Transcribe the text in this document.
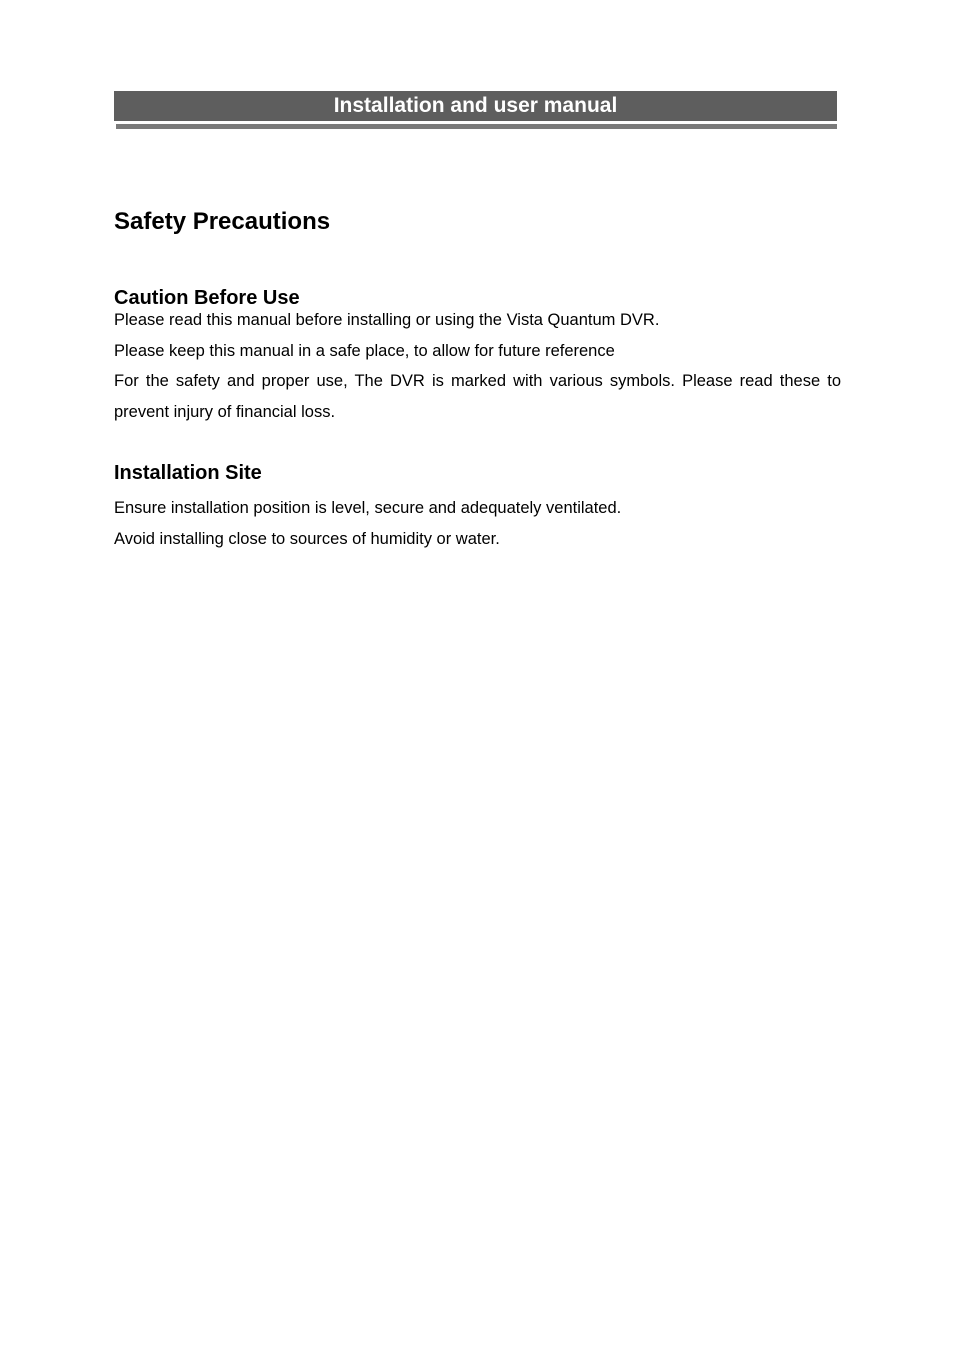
Installation and user manual
Safety Precautions
Caution Before Use

Please read this manual before installing or using the Vista Quantum DVR.

Please keep this manual in a safe place, to allow for future reference

For the safety and proper use, The DVR is marked with various symbols. Please read these to prevent injury of financial loss.

Installation Site

Ensure installation position is level, secure and adequately ventilated.

Avoid installing close to sources of humidity or water.
